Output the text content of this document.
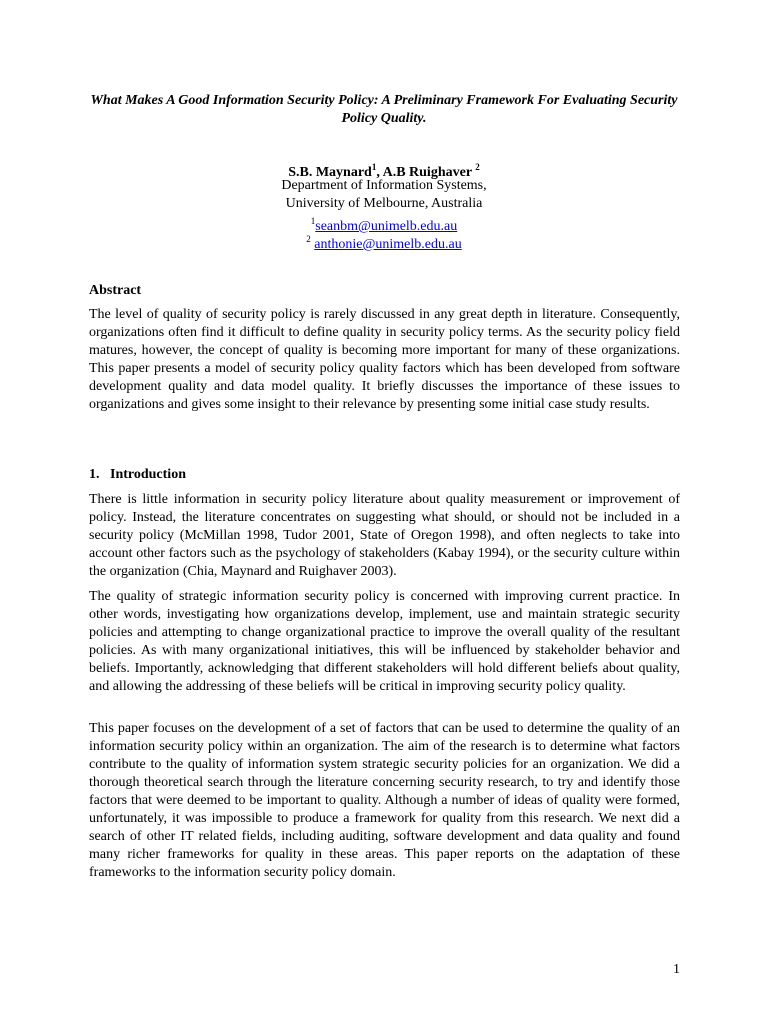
What Makes A Good Information Security Policy: A Preliminary Framework For Evaluating Security Policy Quality.
S.B. Maynard$^1$, A.B Ruighaver $^2$
Department of Information Systems,
University of Melbourne, Australia
$^1$seanbm@unimelb.edu.au
$^2$ anthonie@unimelb.edu.au
Abstract
The level of quality of security policy is rarely discussed in any great depth in literature. Consequently, organizations often find it difficult to define quality in security policy terms. As the security policy field matures, however, the concept of quality is becoming more important for many of these organizations. This paper presents a model of security policy quality factors which has been developed from software development quality and data model quality. It briefly discusses the importance of these issues to organizations and gives some insight to their relevance by presenting some initial case study results.
1.   Introduction
There is little information in security policy literature about quality measurement or improvement of policy. Instead, the literature concentrates on suggesting what should, or should not be included in a security policy (McMillan 1998, Tudor 2001, State of Oregon 1998), and often neglects to take into account other factors such as the psychology of stakeholders (Kabay 1994), or the security culture within the organization (Chia, Maynard and Ruighaver 2003).
The quality of strategic information security policy is concerned with improving current practice. In other words, investigating how organizations develop, implement, use and maintain strategic security policies and attempting to change organizational practice to improve the overall quality of the resultant policies. As with many organizational initiatives, this will be influenced by stakeholder behavior and beliefs. Importantly, acknowledging that different stakeholders will hold different beliefs about quality, and allowing the addressing of these beliefs will be critical in improving security policy quality.
This paper focuses on the development of a set of factors that can be used to determine the quality of an information security policy within an organization. The aim of the research is to determine what factors contribute to the quality of information system strategic security policies for an organization. We did a thorough theoretical search through the literature concerning security research, to try and identify those factors that were deemed to be important to quality. Although a number of ideas of quality were formed, unfortunately, it was impossible to produce a framework for quality from this research. We next did a search of other IT related fields, including auditing, software development and data quality and found many richer frameworks for quality in these areas. This paper reports on the adaptation of these frameworks to the information security policy domain.
1
